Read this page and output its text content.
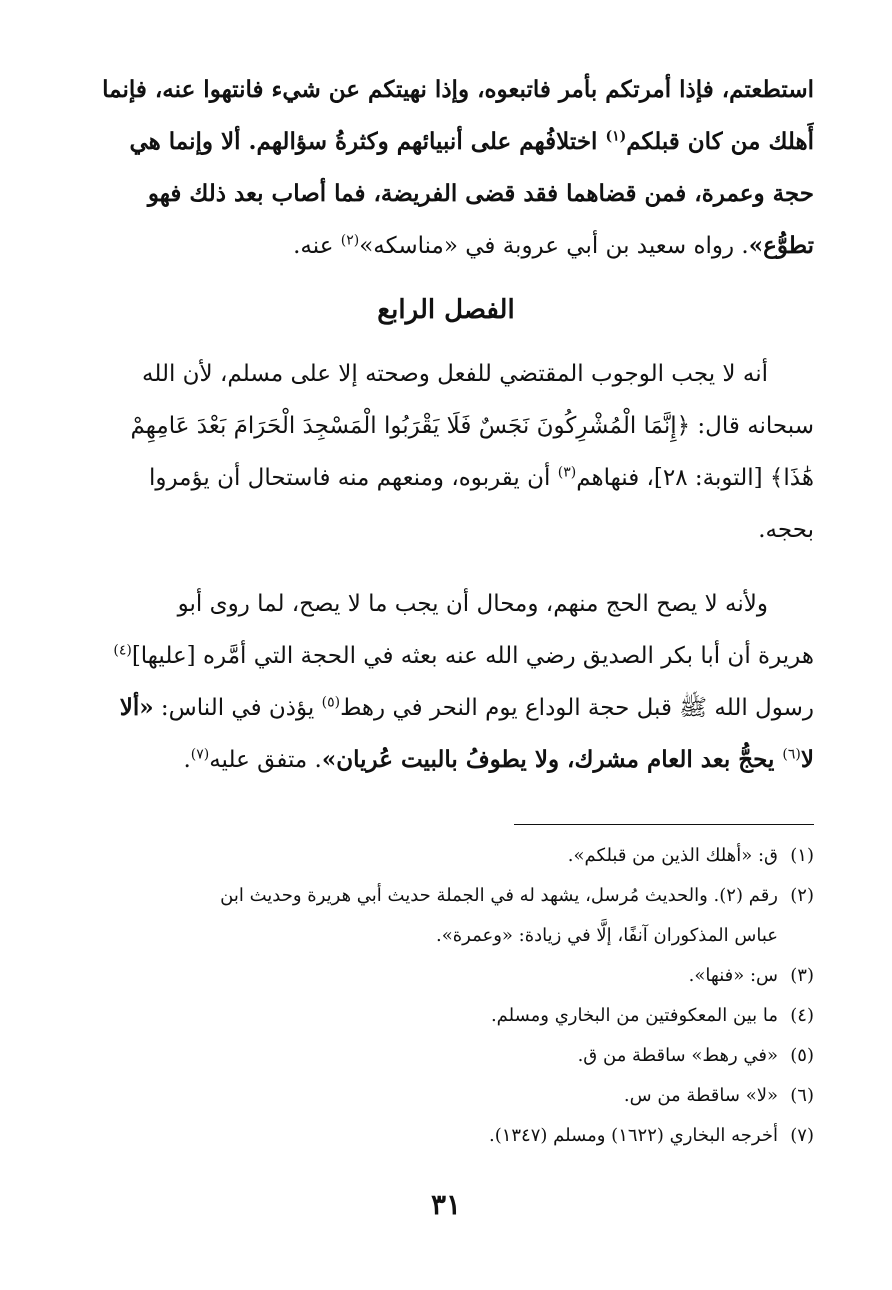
استطعتم، فإذا أمرتكم بأمر فاتبعوه، وإذا نهيتكم عن شيء فانتهوا عنه، فإنما
أَهلك من كان قبلكم$^{(١)}$ اختلافُهم على أنبيائهم وكثرةُ سؤالهم. ألا وإنما هي
حجة وعمرة، فمن قضاهما فقد قضى الفريضة، فما أصاب بعد ذلك فهو
تطوُّع». رواه سعيد بن أبي عروبة في «مناسكه»$^{(٢)}$ عنه.
الفصل الرابع
أنه لا يجب الوجوب المقتضي للفعل وصحته إلا على مسلم، لأن الله
سبحانه قال: ﴿إِنَّمَا الْمُشْرِكُونَ نَجَسٌ فَلَا يَقْرَبُوا الْمَسْجِدَ الْحَرَامَ بَعْدَ عَامِهِمْ
هَٰذَا﴾ [التوبة: ٢٨]، فنهاهم$^{(٣)}$ أن يقربوه، ومنعهم منه فاستحال أن يؤمروا
بحجه.
ولأنه لا يصح الحج منهم، ومحال أن يجب ما لا يصح، لما روى أبو
هريرة أن أبا بكر الصديق رضي الله عنه بعثه في الحجة التي أمَّره [عليها]$^{(٤)}$
رسول الله ﷺ قبل حجة الوداع يوم النحر في رهط$^{(٥)}$ يؤذن في الناس: «ألا
لا$^{(٦)}$ يحجُّ بعد العام مشرك، ولا يطوفُ بالبيت عُريان». متفق عليه$^{(٧)}$.
(١)
ق: «أهلك الذين من قبلكم».
(٢)
رقم (٢). والحديث مُرسل، يشهد له في الجملة حديث أبي هريرة وحديث ابن
عباس المذكوران آنفًا، إلَّا في زيادة: «وعمرة».
(٣)
س: «فنها».
(٤)
ما بين المعكوفتين من البخاري ومسلم.
(٥)
«في رهط» ساقطة من ق.
(٦)
«لا» ساقطة من س.
(٧)
أخرجه البخاري (١٦٢٢) ومسلم (١٣٤٧).
٣١
